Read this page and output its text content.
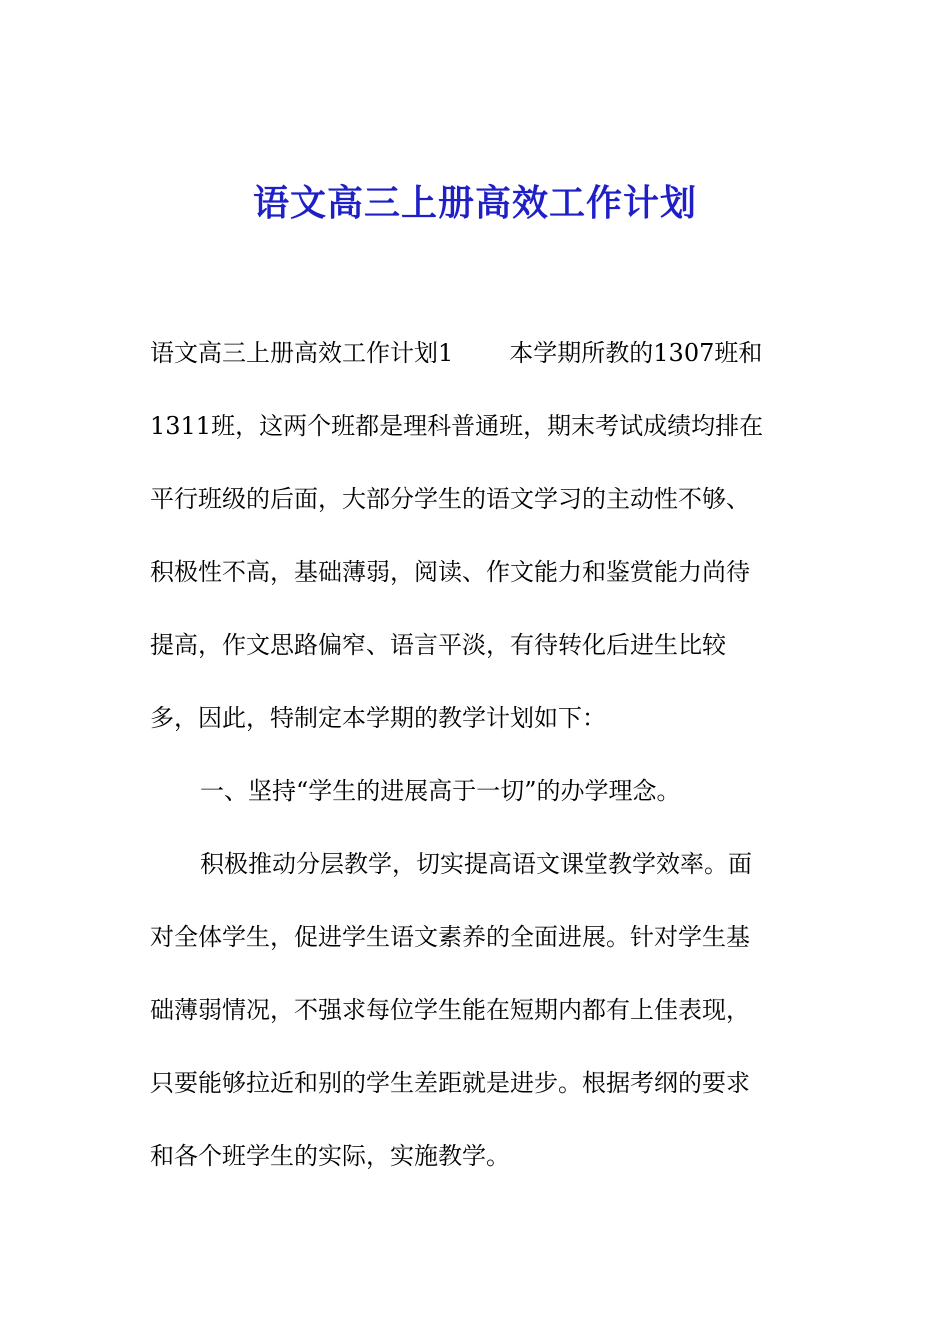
语文高三上册高效工作计划
语文高三上册高效工作计划1 本学期所教的1307班和
1311班，这两个班都是理科普通班，期末考试成绩均排在
平行班级的后面，大部分学生的语文学习的主动性不够、
积极性不高，基础薄弱，阅读、作文能力和鉴赏能力尚待
提高，作文思路偏窄、语言平淡，有待转化后进生比较
多，因此，特制定本学期的教学计划如下：
一、坚持“学生的进展高于一切”的办学理念。
积极推动分层教学，切实提高语文课堂教学效率。面
对全体学生，促进学生语文素养的全面进展。针对学生基
础薄弱情况，不强求每位学生能在短期内都有上佳表现，
只要能够拉近和别的学生差距就是进步。根据考纲的要求
和各个班学生的实际，实施教学。
